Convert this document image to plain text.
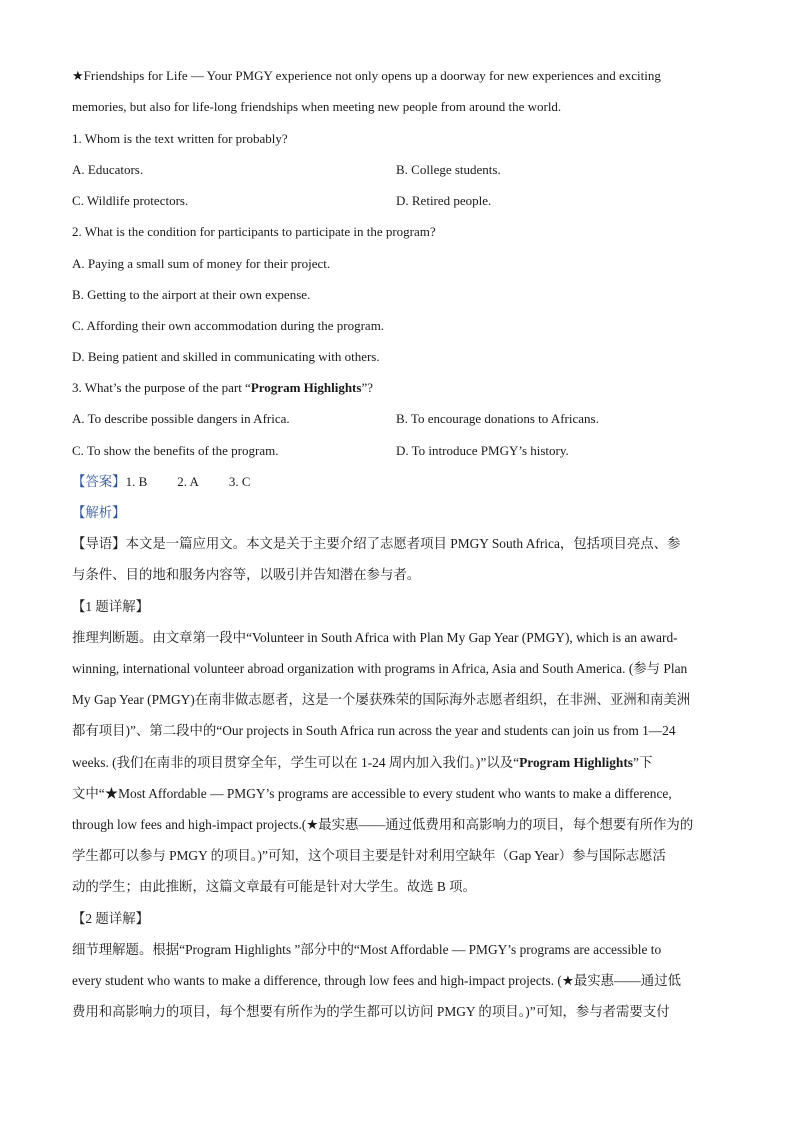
★Friendships for Life — Your PMGY experience not only opens up a doorway for new experiences and exciting
memories, but also for life-long friendships when meeting new people from around the world.
1. Whom is the text written for probably?
A. Educators.	B. College students.
C. Wildlife protectors.	D. Retired people.
2. What is the condition for participants to participate in the program?
A. Paying a small sum of money for their project.
B. Getting to the airport at their own expense.
C. Affording their own accommodation during the program.
D. Being patient and skilled in communicating with others.
3. What’s the purpose of the part “Program Highlights”?
A. To describe possible dangers in Africa.	B. To encourage donations to Africans.
C. To show the benefits of the program.	D. To introduce PMGY’s history.
【答案】1. B 2. A 3. C
【解析】
【导语】本文是一篇应用文。本文是关于主要介绍了志愿者项目 PMGY South Africa，包括项目亮点、参
与条件、目的地和服务内容等，以吸引并告知潜在参与者。
【1 题详解】
推理判断题。由文章第一段中“Volunteer in South Africa with Plan My Gap Year (PMGY), which is an award-
winning, international volunteer abroad organization with programs in Africa, Asia and South America. (参与 Plan
My Gap Year (PMGY)在南非做志愿者，这是一个屡获殊荣的国际海外志愿者组织，在非洲、亚洲和南美洲
都有项目)”、第二段中的“Our projects in South Africa run across the year and students can join us from 1—24
weeks. (我们在南非的项目贯穿全年，学生可以在 1-24 周内加入我们。)”以及“Program Highlights”下
文中“★Most Affordable — PMGY’s programs are accessible to every student who wants to make a difference,
through low fees and high-impact projects.(★最实惠——通过低费用和高影响力的项目，每个想要有所作为的
学生都可以参与 PMGY 的项目。)”可知，这个项目主要是针对利用空缺年（Gap Year）参与国际志愿活
动的学生；由此推断，这篇文章最有可能是针对大学生。故选 B 项。
【2 题详解】
细节理解题。根据“Program Highlights ”部分中的“Most Affordable — PMGY’s programs are accessible to
every student who wants to make a difference, through low fees and high-impact projects. (★最实惠——通过低
费用和高影响力的项目，每个想要有所作为的学生都可以访问 PMGY 的项目。)”可知，参与者需要支付
